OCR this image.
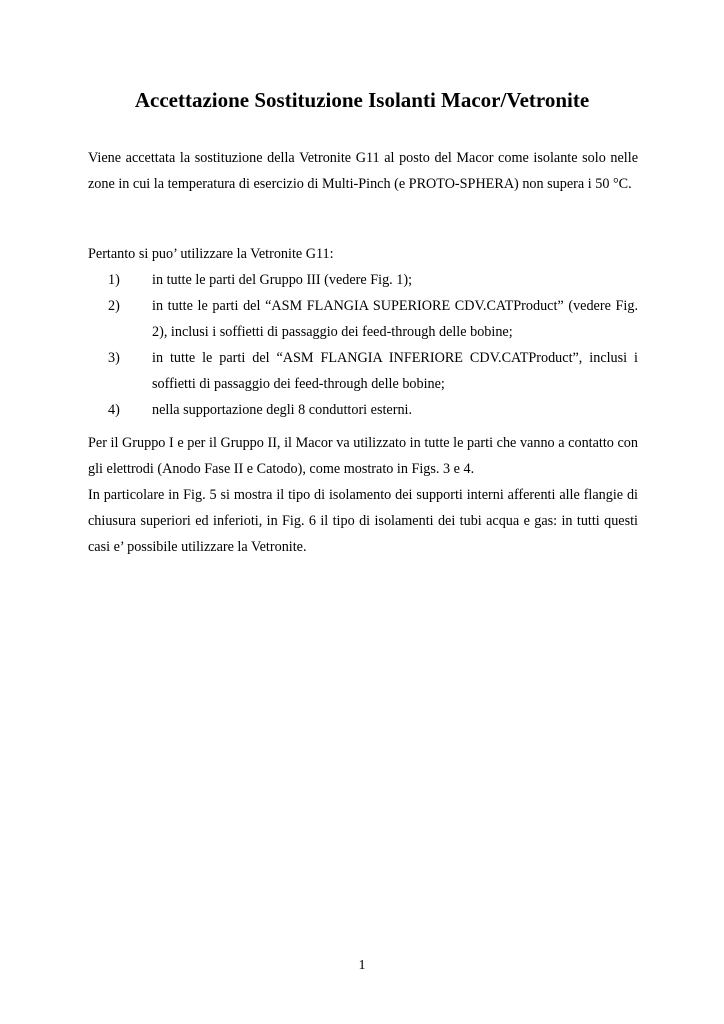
Accettazione Sostituzione Isolanti Macor/Vetronite

Viene accettata la sostituzione della Vetronite G11 al posto del Macor come isolante solo nelle zone in cui la temperatura di esercizio di Multi-Pinch (e PROTO-SPHERA) non supera i 50 °C.

Pertanto si puo’ utilizzare la Vetronite G11:

1) in tutte le parti del Gruppo III (vedere Fig. 1);
2) in tutte le parti del “ASM FLANGIA SUPERIORE CDV.CATProduct” (vedere Fig. 2), inclusi i soffietti di passaggio dei feed-through delle bobine;
3) in tutte le parti del “ASM FLANGIA INFERIORE CDV.CATProduct”, inclusi i soffietti di passaggio dei feed-through delle bobine;
4) nella supportazione degli 8 conduttori esterni.

Per il Gruppo I e per il Gruppo II, il Macor va utilizzato in tutte le parti che vanno a contatto con gli elettrodi (Anodo Fase II e Catodo), come mostrato in Figs. 3 e 4.

In particolare in Fig. 5 si mostra il tipo di isolamento dei supporti interni afferenti alle flangie di chiusura superiori ed inferioti, in Fig. 6 il tipo di isolamenti dei tubi acqua e gas: in tutti questi casi e’ possibile utilizzare la Vetronite.

1
